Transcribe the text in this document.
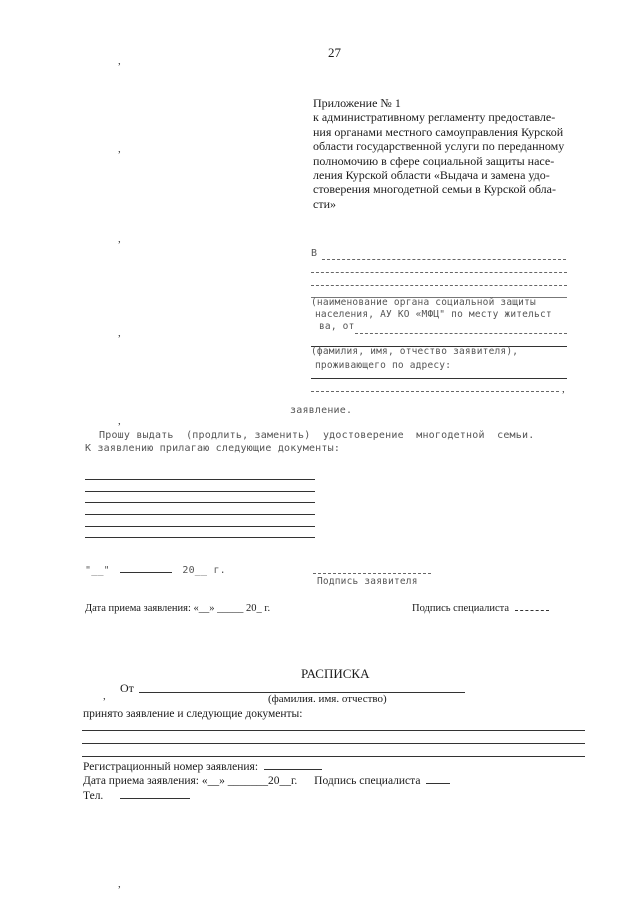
27
,
,
,
,
,
,
Приложение № 1
к административному регламенту предоставле-
ния органами местного самоуправления Курской
области государственной услуги по переданному
полномочию в сфере социальной защиты насе-
ления Курской области «Выдача и замена удо-
стоверения многодетной семьи в Курской обла-
сти»
В
(наименование органа социальной защиты
населения, АУ КО «МФЦ" по месту жительст
ва, от
(фамилия, имя, отчество заявителя),
проживающего по адресу:
,
заявление.
Прошу выдать  (продлить, заменить)  удостоверение  многодетной  семьи.
К заявлению прилагаю следующие документы:
"__"	20__ г.
Подпись заявителя
Дата приема заявления: «__» _____ 20_ г.	Подпись специалиста
РАСПИСКА
От
,	(фамилия. имя. отчество)
принято заявление и следующие документы:
Регистрационный номер заявления:
Дата приема заявления: «__» _______20__г. Подпись специалиста
Тел.
